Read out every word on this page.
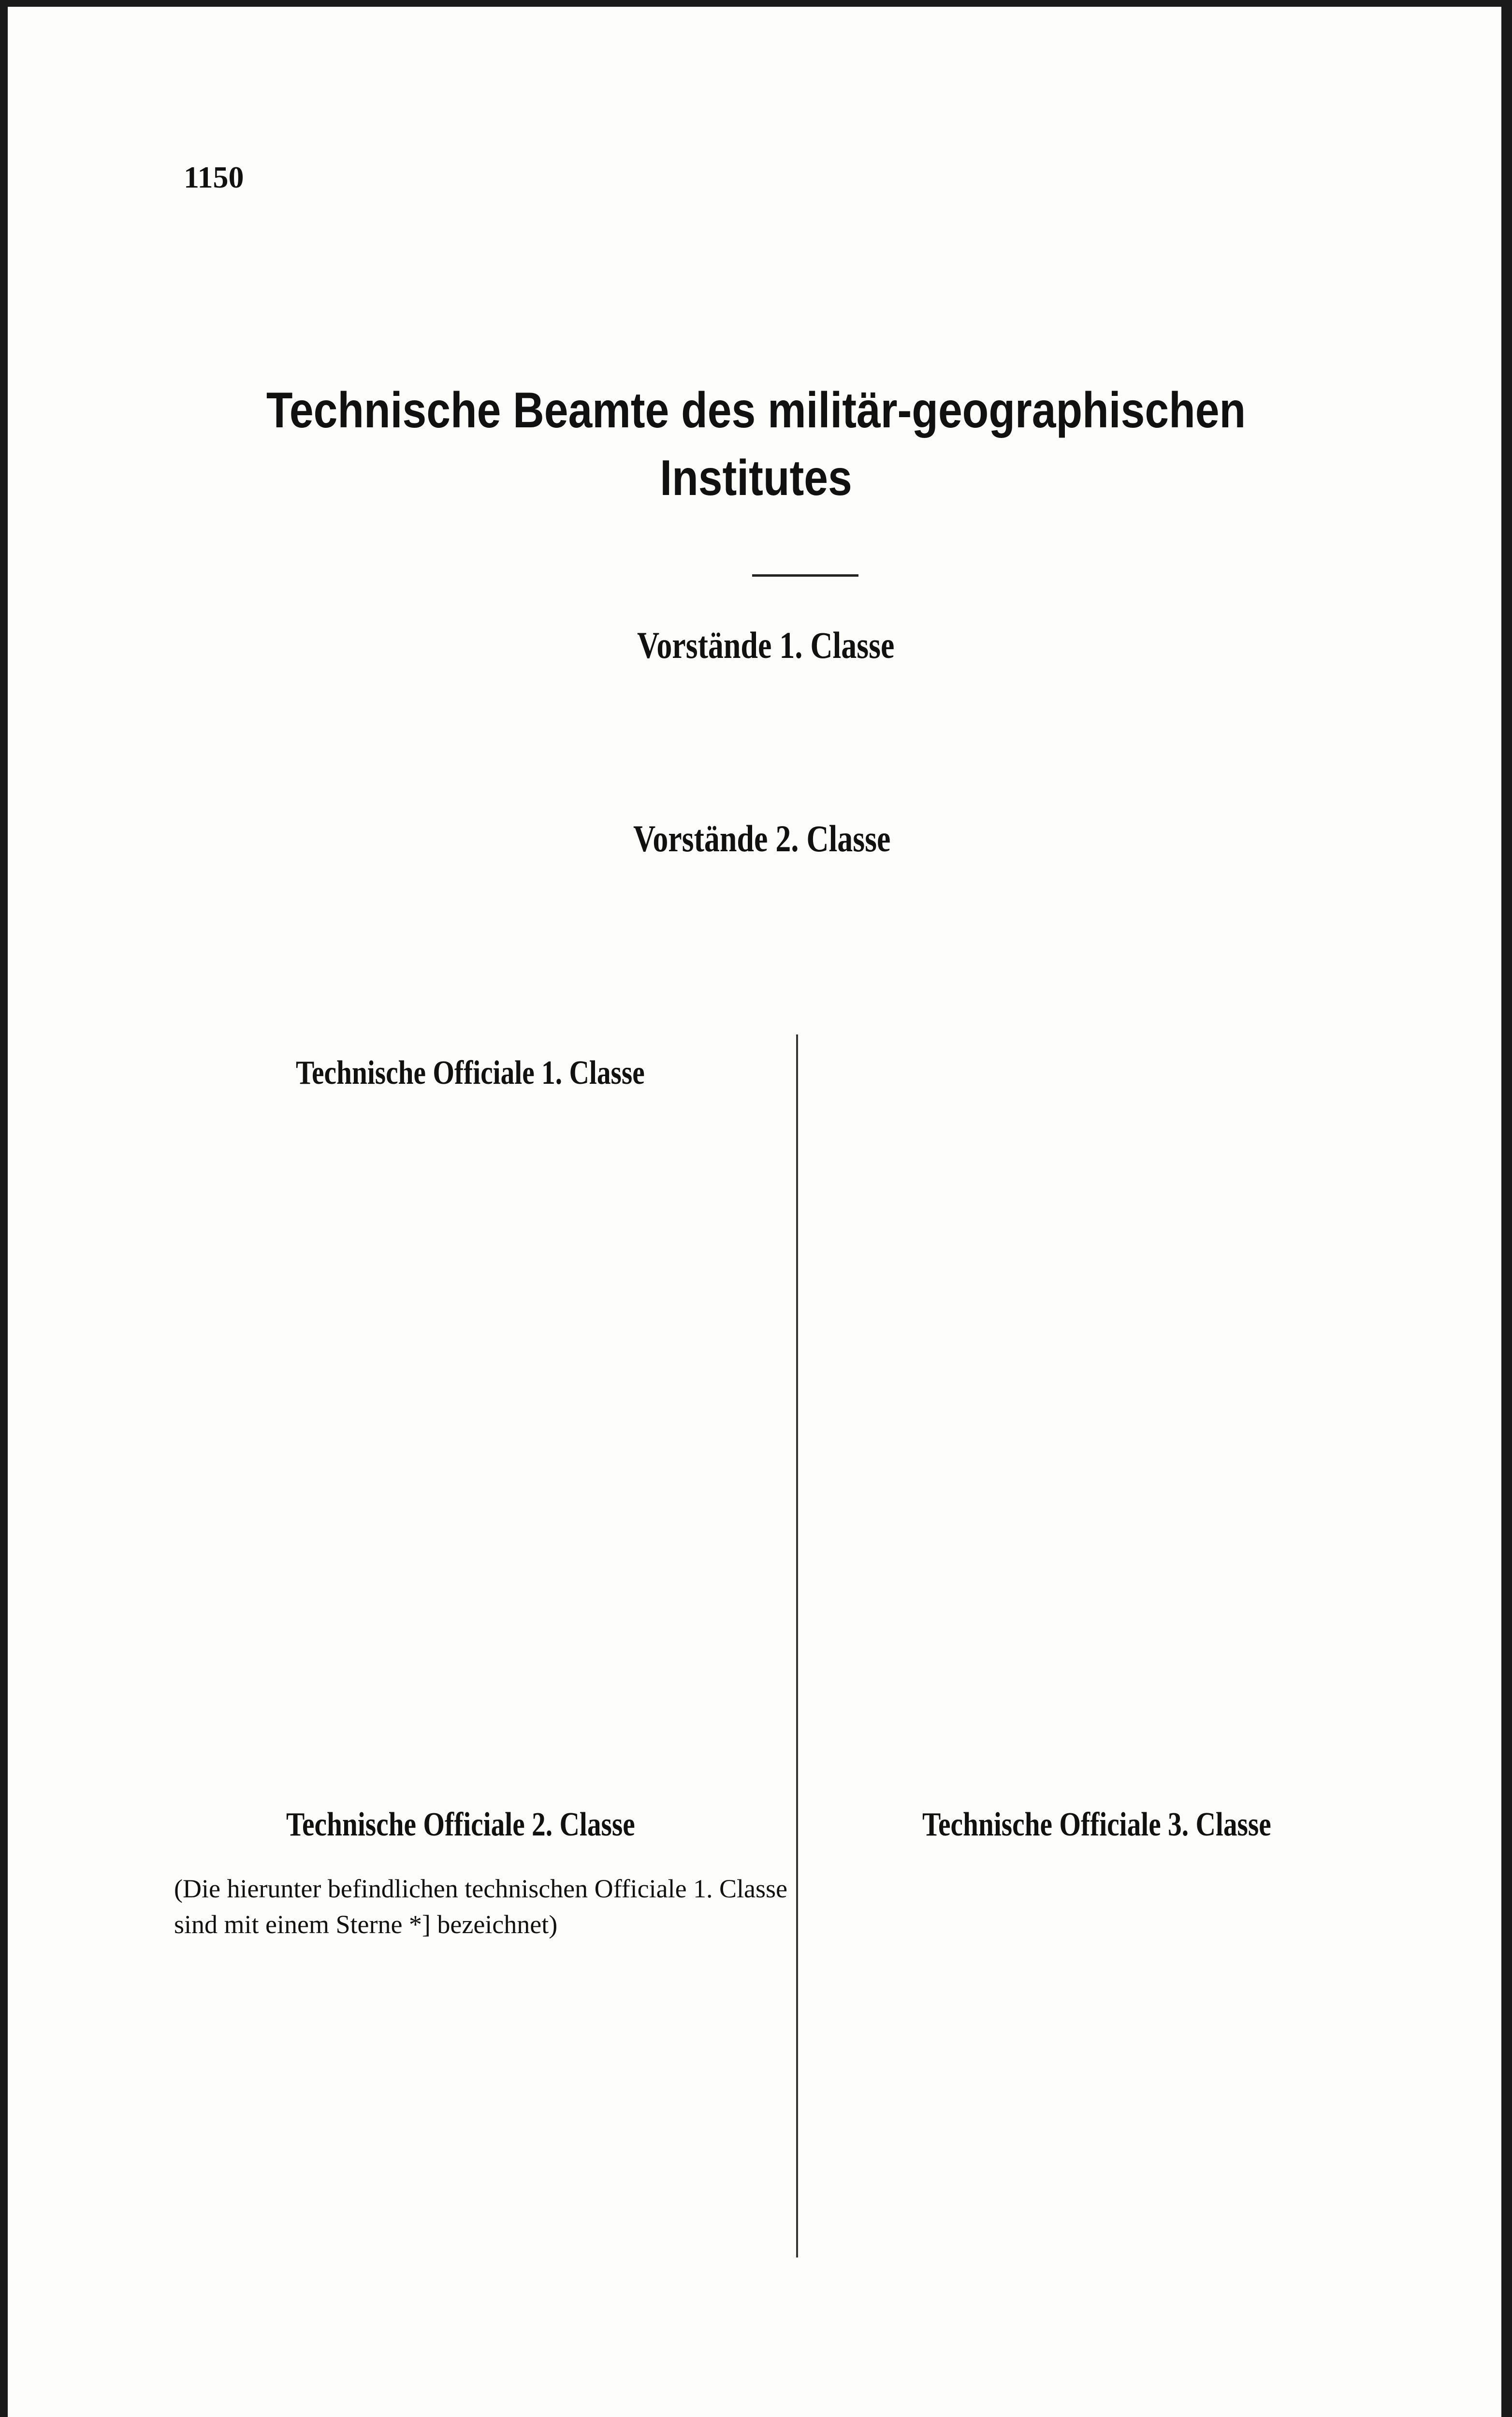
1150
Technische Beamte des militär-geographischen
Institutes
Vorstände 1. Classe
Vorstände 2. Classe
Technische Officiale 1. Classe
Technische Officiale 2. Classe
(Die hierunter befindlichen technischen Officiale 1. Classe sind mit einem Sterne *] bezeichnet)
Technische Officiale 3. Classe
